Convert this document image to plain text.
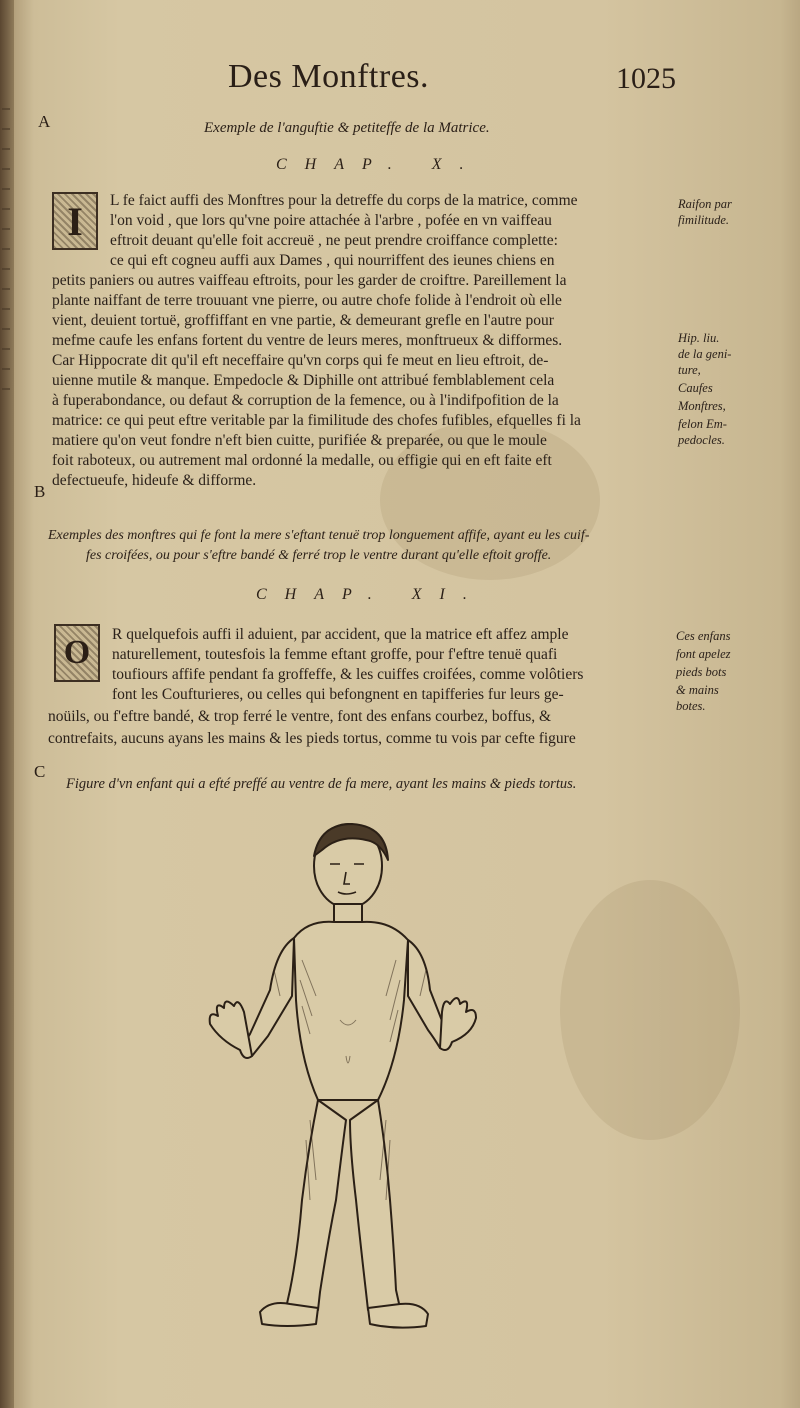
Des Monftres.	1025
A
B
C
Exemple de l'anguftie & petiteffe de la Matrice.
CHAP. X.
I	L fe faict auffi des Monftres pour la detreffe du corps de la matrice, comme
l'on void , que lors qu'vne poire attachée à l'arbre , pofée en vn vaiffeau
eftroit deuant qu'elle foit accreuë , ne peut prendre croiffance complette:
ce qui eft cogneu auffi aux Dames , qui nourriffent des ieunes chiens en
petits paniers ou autres vaiffeau eftroits, pour les garder de croiftre. Pareillement la
plante naiffant de terre trouuant vne pierre, ou autre chofe folide à l'endroit où elle
vient, deuient tortuë, groffiffant en vne partie, & demeurant grefle en l'autre pour
mefme caufe les enfans fortent du ventre de leurs meres, monftrueux & difformes.
Car Hippocrate dit qu'il eft neceffaire qu'vn corps qui fe meut en lieu eftroit, de-
uienne mutile & manque. Empedocle & Diphille ont attribué femblablement cela
à fuperabondance, ou defaut & corruption de la femence, ou à l'indifpofition de la
matrice: ce qui peut eftre veritable par la fimilitude des chofes fufibles, efquelles fi la
matiere qu'on veut fondre n'eft bien cuitte, purifiée & preparée, ou que le moule
foit raboteux, ou autrement mal ordonné la medalle, ou effigie qui en eft faite eft
defectueufe, hideufe & difforme.
Raifon par
fimilitude.
Hip. liu.
de la geni-
ture,
Caufes
Monftres,
felon Em-
pedocles.
Exemples des monftres qui fe font la mere s'eftant tenuë trop longuement affife, ayant eu les cuif-
fes croifées, ou pour s'eftre bandé & ferré trop le ventre durant qu'elle eftoit groffe.
CHAP. XI.
O	R quelquefois auffi il aduient, par accident, que la matrice eft affez ample
naturellement, toutesfois la femme eftant groffe, pour f'eftre tenuë quafi
toufiours affife pendant fa groffeffe, & les cuiffes croifées, comme volôtiers
font les Coufturieres, ou celles qui befongnent en tapifferies fur leurs ge-
noüils, ou f'eftre bandé, & trop ferré le ventre, font des enfans courbez, boffus, &
contrefaits, aucuns ayans les mains & les pieds tortus, comme tu vois par cefte figure
Ces enfans
font apelez
pieds bots
& mains
botes.
Figure d'vn enfant qui a efté preffé au ventre de fa mere, ayant les mains & pieds tortus.
